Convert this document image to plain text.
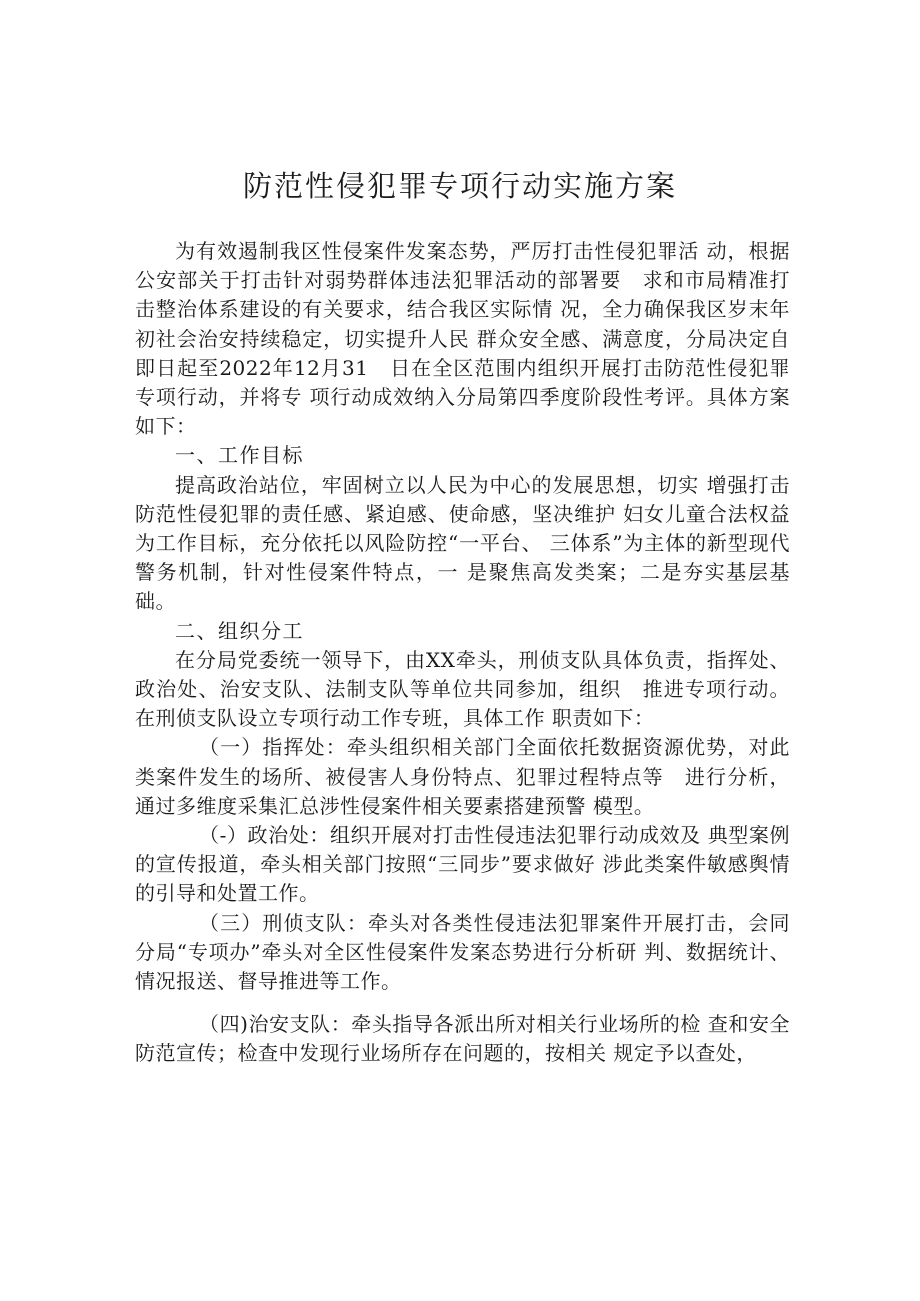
防范性侵犯罪专项行动实施方案

为有效遏制我区性侵案件发案态势，严厉打击性侵犯罪活 动，根据公安部关于打击针对弱势群体违法犯罪活动的部署要　求和市局精准打击整治体系建设的有关要求，结合我区实际情 况，全力确保我区岁末年初社会治安持续稳定，切实提升人民 群众安全感、满意度，分局决定自即日起至2022年12月31　日在全区范围内组织开展打击防范性侵犯罪专项行动，并将专 项行动成效纳入分局第四季度阶段性考评。具体方案如下：

一、工作目标

提高政治站位，牢固树立以人民为中心的发展思想，切实 增强打击防范性侵犯罪的责任感、紧迫感、使命感，坚决维护 妇女儿童合法权益为工作目标，充分依托以风险防控“一平台、 三体系”为主体的新型现代警务机制，针对性侵案件特点，一 是聚焦高发类案；二是夯实基层基础。

二、组织分工

在分局党委统一领导下，由XX牵头，刑侦支队具体负责，指挥处、政治处、治安支队、法制支队等单位共同参加，组织　推进专项行动。在刑侦支队设立专项行动工作专班，具体工作 职责如下：

（一）指挥处：牵头组织相关部门全面依托数据资源优势，对此类案件发生的场所、被侵害人身份特点、犯罪过程特点等　进行分析，通过多维度采集汇总涉性侵案件相关要素搭建预警 模型。

（-）政治处：组织开展对打击性侵违法犯罪行动成效及 典型案例的宣传报道，牵头相关部门按照“三同步”要求做好 涉此类案件敏感舆情的引导和处置工作。

（三）刑侦支队：牵头对各类性侵违法犯罪案件开展打击，会同分局“专项办”牵头对全区性侵案件发案态势进行分析研 判、数据统计、情况报送、督导推进等工作。

（四)治安支队：牵头指导各派出所对相关行业场所的检 查和安全防范宣传；检查中发现行业场所存在问题的，按相关 规定予以查处，
